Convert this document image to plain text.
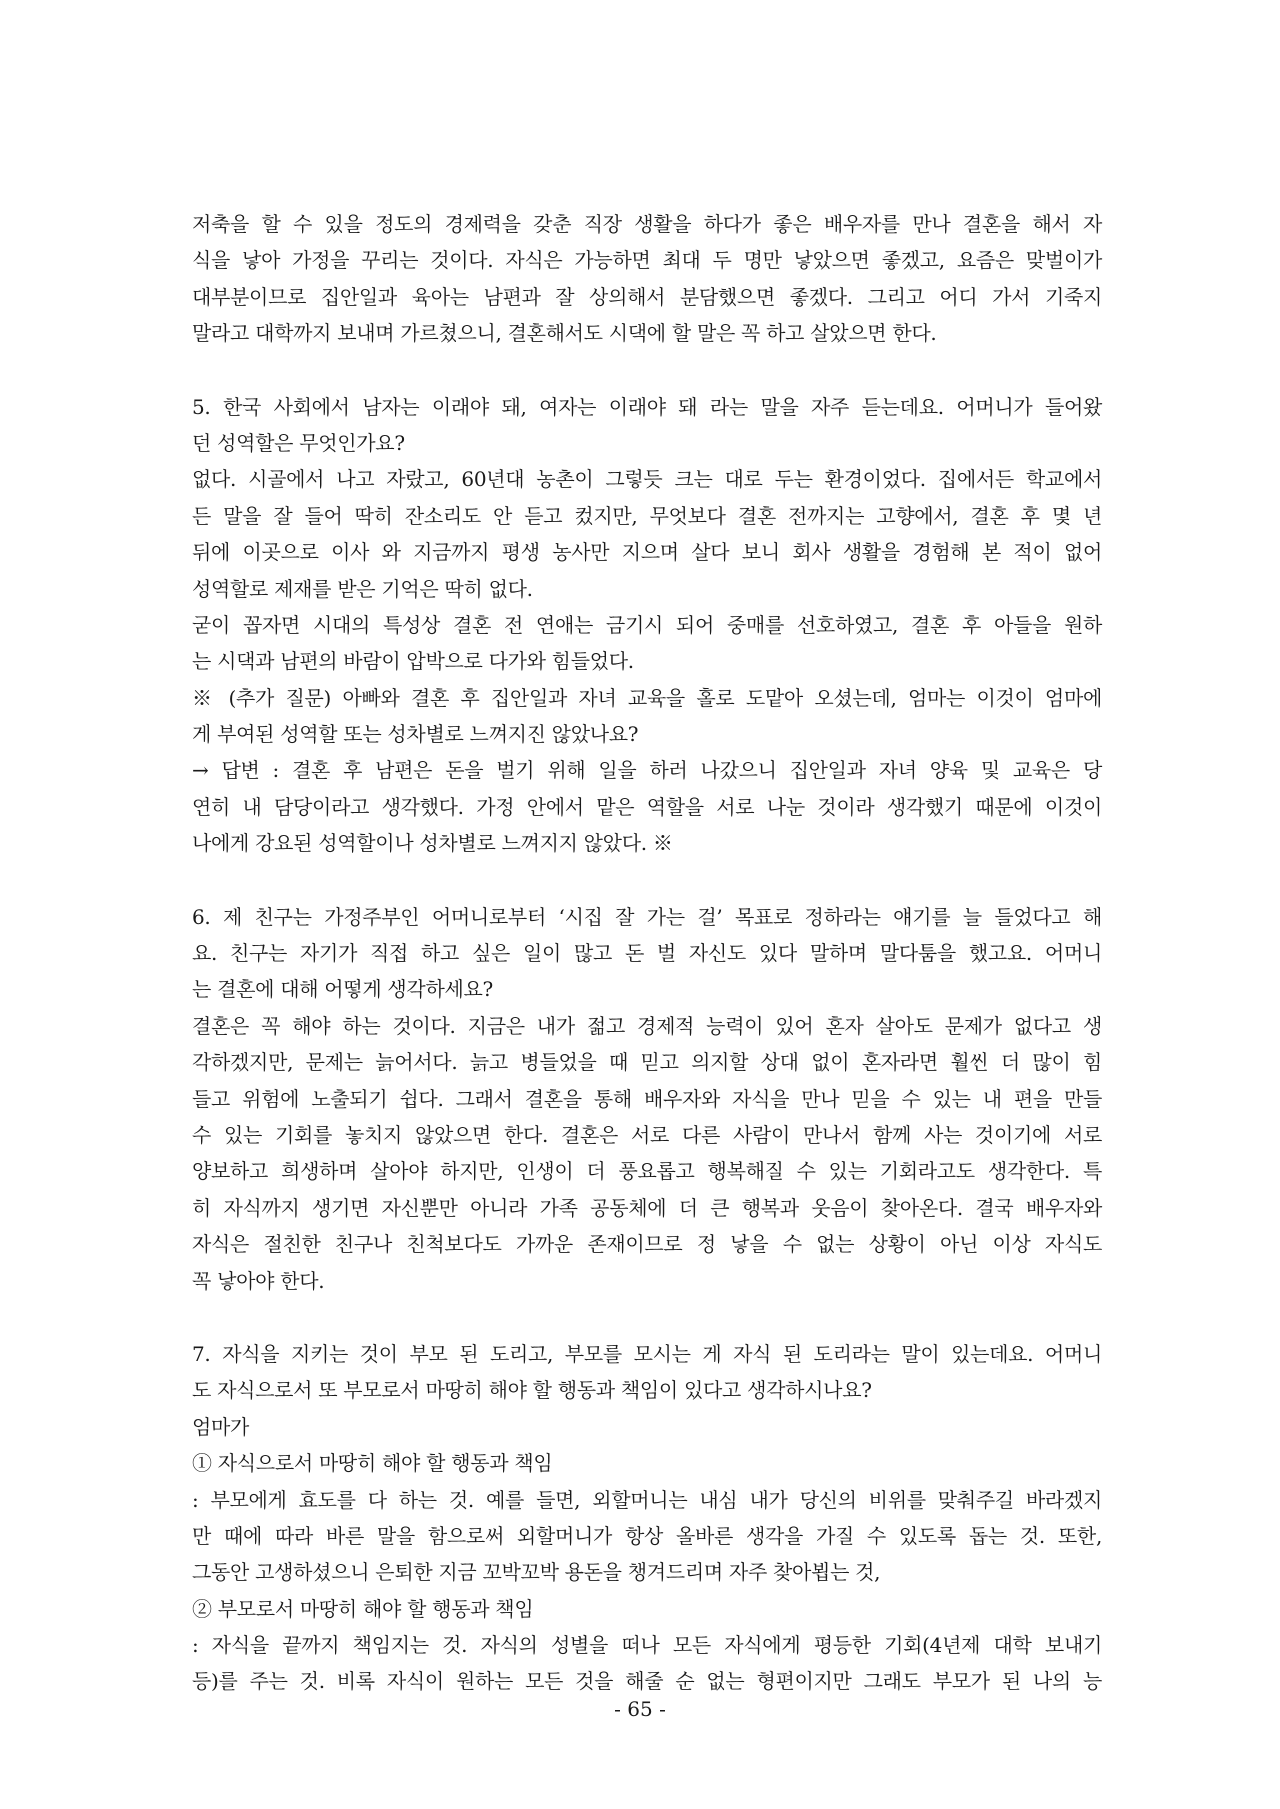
저축을 할 수 있을 정도의 경제력을 갖춘 직장 생활을 하다가 좋은 배우자를 만나 결혼을 해서 자
식을 낳아 가정을 꾸리는 것이다. 자식은 가능하면 최대 두 명만 낳았으면 좋겠고, 요즘은 맞벌이가
대부분이므로 집안일과 육아는 남편과 잘 상의해서 분담했으면 좋겠다. 그리고 어디 가서 기죽지
말라고 대학까지 보내며 가르쳤으니, 결혼해서도 시댁에 할 말은 꼭 하고 살았으면 한다.
5. 한국 사회에서 남자는 이래야 돼, 여자는 이래야 돼 라는 말을 자주 듣는데요. 어머니가 들어왔
던 성역할은 무엇인가요?
없다. 시골에서 나고 자랐고, 60년대 농촌이 그렇듯 크는 대로 두는 환경이었다. 집에서든 학교에서
든 말을 잘 들어 딱히 잔소리도 안 듣고 컸지만, 무엇보다 결혼 전까지는 고향에서, 결혼 후 몇 년
뒤에 이곳으로 이사 와 지금까지 평생 농사만 지으며 살다 보니 회사 생활을 경험해 본 적이 없어
성역할로 제재를 받은 기억은 딱히 없다.
굳이 꼽자면 시대의 특성상 결혼 전 연애는 금기시 되어 중매를 선호하였고, 결혼 후 아들을 원하
는 시댁과 남편의 바람이 압박으로 다가와 힘들었다.
※ (추가 질문) 아빠와 결혼 후 집안일과 자녀 교육을 홀로 도맡아 오셨는데, 엄마는 이것이 엄마에
게 부여된 성역할 또는 성차별로 느껴지진 않았나요?
→ 답변 : 결혼 후 남편은 돈을 벌기 위해 일을 하러 나갔으니 집안일과 자녀 양육 및 교육은 당
연히 내 담당이라고 생각했다. 가정 안에서 맡은 역할을 서로 나눈 것이라 생각했기 때문에 이것이
나에게 강요된 성역할이나 성차별로 느껴지지 않았다. ※
6. 제 친구는 가정주부인 어머니로부터 ‘시집 잘 가는 걸’ 목표로 정하라는 얘기를 늘 들었다고 해
요. 친구는 자기가 직접 하고 싶은 일이 많고 돈 벌 자신도 있다 말하며 말다툼을 했고요. 어머니
는 결혼에 대해 어떻게 생각하세요?
결혼은 꼭 해야 하는 것이다. 지금은 내가 젊고 경제적 능력이 있어 혼자 살아도 문제가 없다고 생
각하겠지만, 문제는 늙어서다. 늙고 병들었을 때 믿고 의지할 상대 없이 혼자라면 훨씬 더 많이 힘
들고 위험에 노출되기 쉽다. 그래서 결혼을 통해 배우자와 자식을 만나 믿을 수 있는 내 편을 만들
수 있는 기회를 놓치지 않았으면 한다. 결혼은 서로 다른 사람이 만나서 함께 사는 것이기에 서로
양보하고 희생하며 살아야 하지만, 인생이 더 풍요롭고 행복해질 수 있는 기회라고도 생각한다. 특
히 자식까지 생기면 자신뿐만 아니라 가족 공동체에 더 큰 행복과 웃음이 찾아온다. 결국 배우자와
자식은 절친한 친구나 친척보다도 가까운 존재이므로 정 낳을 수 없는 상황이 아닌 이상 자식도
꼭 낳아야 한다.
7. 자식을 지키는 것이 부모 된 도리고, 부모를 모시는 게 자식 된 도리라는 말이 있는데요. 어머니
도 자식으로서 또 부모로서 마땅히 해야 할 행동과 책임이 있다고 생각하시나요?
엄마가
① 자식으로서 마땅히 해야 할 행동과 책임
: 부모에게 효도를 다 하는 것. 예를 들면, 외할머니는 내심 내가 당신의 비위를 맞춰주길 바라겠지
만 때에 따라 바른 말을 함으로써 외할머니가 항상 올바른 생각을 가질 수 있도록 돕는 것. 또한,
그동안 고생하셨으니 은퇴한 지금 꼬박꼬박 용돈을 챙겨드리며 자주 찾아뵙는 것,
② 부모로서 마땅히 해야 할 행동과 책임
: 자식을 끝까지 책임지는 것. 자식의 성별을 떠나 모든 자식에게 평등한 기회(4년제 대학 보내기
등)를 주는 것. 비록 자식이 원하는 모든 것을 해줄 순 없는 형편이지만 그래도 부모가 된 나의 능
- 65 -
